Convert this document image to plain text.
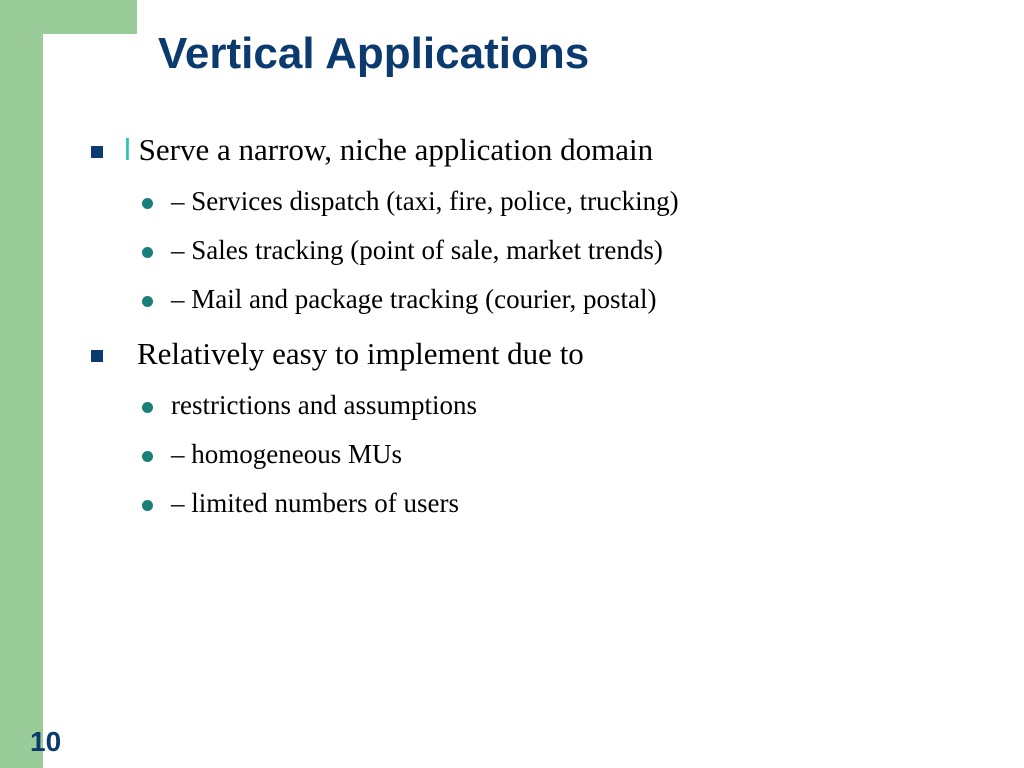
Vertical Applications
l Serve a narrow, niche application domain
– Services dispatch (taxi, fire, police, trucking)
– Sales tracking (point of sale, market trends)
– Mail and package tracking (courier, postal)
Relatively easy to implement due to
restrictions and assumptions
– homogeneous MUs
– limited numbers of users
10
